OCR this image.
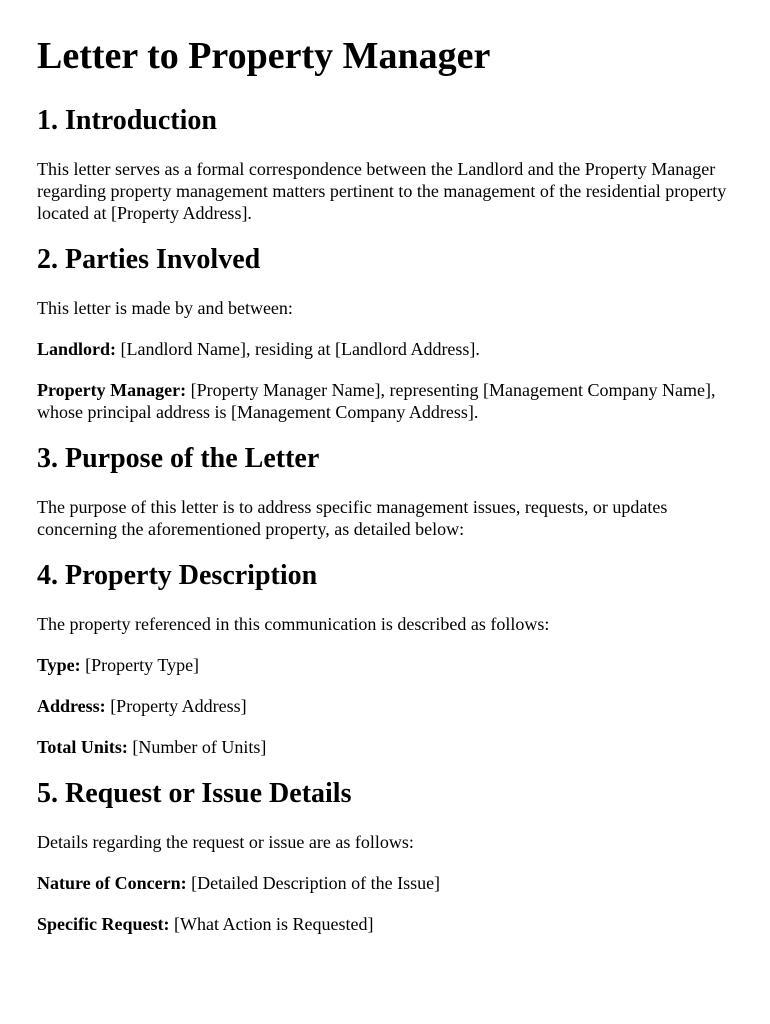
Letter to Property Manager
1. Introduction

This letter serves as a formal correspondence between the Landlord and the Property Manager regarding property management matters pertinent to the management of the residential property located at [Property Address].

2. Parties Involved

This letter is made by and between:

Landlord: [Landlord Name], residing at [Landlord Address].

Property Manager: [Property Manager Name], representing [Management Company Name], whose principal address is [Management Company Address].

3. Purpose of the Letter

The purpose of this letter is to address specific management issues, requests, or updates concerning the aforementioned property, as detailed below:

4. Property Description

The property referenced in this communication is described as follows:

Type: [Property Type]

Address: [Property Address]

Total Units: [Number of Units]

5. Request or Issue Details

Details regarding the request or issue are as follows:

Nature of Concern: [Detailed Description of the Issue]

Specific Request: [What Action is Requested]
